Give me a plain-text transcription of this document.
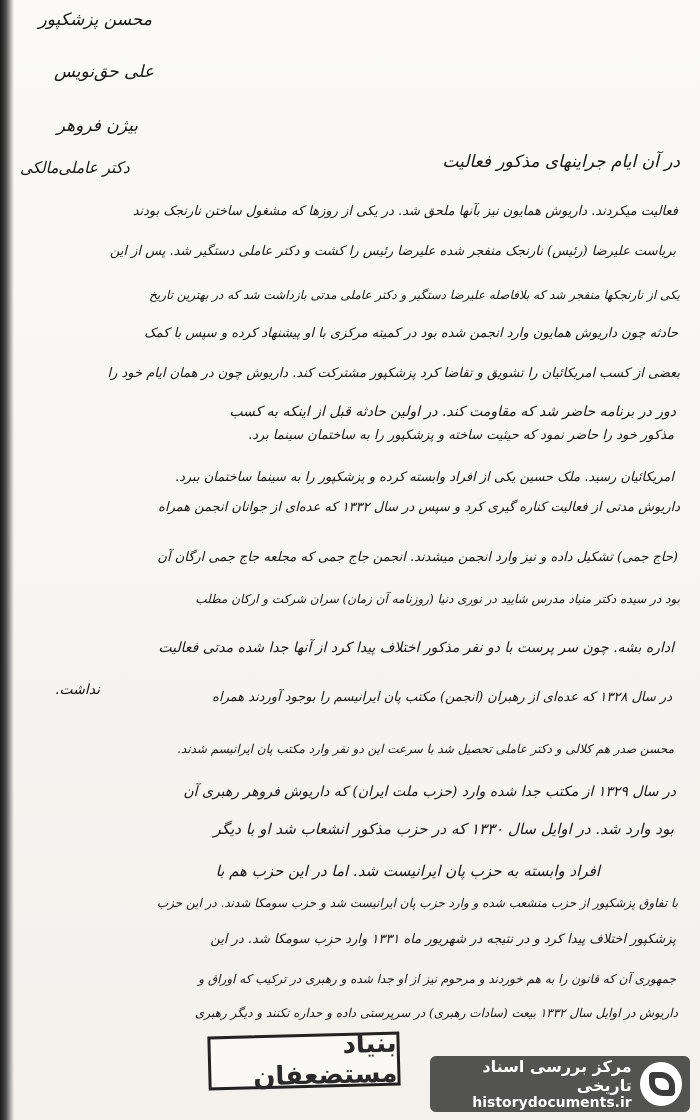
محسن پزشکپور
علی حق‌نویس
بیژن فروهر
دکتر عاملی‌مالکی	در آن ایام جراینهای مذکور فعالیت
فعالیت میکردند. داریوش همایون نیز بآنها ملحق شد. در یکی از روزها که مشغول ساختن نارنجک بودند
بریاست علیرضا (رئیس) نارنجک منفجر شده علیرضا رئیس را کشت و دکتر عاملی دستگیر شد. پس از این
یکی از نارنجکها منفجر شد که بلافاصله علیرضا دستگیر و دکتر عاملی مدتی بازداشت شد که در بهترین تاریخ
حادثه چون داریوش همایون وارد انجمن شده بود در کمیته مرکزی با او پیشنهاد کرده و سپس با کمک
بعضی از کسب امریکائیان را تشویق و تقاضا کرد پزشکپور مشترکت کند. داریوش چون در همان ایام خود را
دور در برنامه حاضر شد که مقاومت کند. در اولین حادثه قبل از اینکه به کسب
مذکور خود را حاضر نمود که حیثیت ساخته و پزشکپور را به ساختمان سینما برد.
امریکائیان رسید. ملک حسین یکی از افراد وابسته کرده و پزشکپور را به سینما ساختمان ببرد.
داریوش مدتی از فعالیت کناره گیری کرد و سپس در سال ۱۳۳۲ که عده‌ای از جوانان انجمن همراه
(حاج جمی) تشکیل داده و نیز وارد انجمن میشدند. انجمن جاج جمی که مجلعه جاج جمی ارگان آن
بود در سیده دکتر منیاد مدرس شایید در نوری دنیا (روزنامه آن زمان) سران شرکت و ارکان مطلب
اداره بشه. چون سر پرست با دو نفر مذکور اختلاف پیدا کرد از آنها جدا شده مدتی فعالیت
نداشت.	در سال ۱۳۲۸ که عده‌ای از رهبران (انجمن) مکتب پان ایرانیسم را بوجود آوردند همراه
محسن صدر هم کلالی و دکتر عاملی تحصیل شد با سرعت این دو نفر وارد مکتب پان ایرانیسم شدند.
در سال ۱۳۲۹ از مکتب جدا شده وارد (حزب ملت ایران) که داریوش فروهر رهبری آن
بود وارد شد. در اوایل سال ۱۳۳۰ که در حزب مذکور انشعاب شد او با دیگر
افراد وابسته به حزب پان ایرانیست شد. اما در این حزب هم با
با تفاوق پزشکپور از حزب منشعب شده و وارد حزب پان ایرانیست شد و حزب سومکا شدند. در این حزب
پزشکپور اختلاف پیدا کرد و در نتیجه در شهریور ماه ۱۳۳۱ وارد حزب سومکا شد. در این
جمهوری آن که قانون را به هم خوردند و مرحوم نیز از او جدا شده و رهبری در ترکیب که اوراق و
داریوش در اوایل سال ۱۳۳۲ بیعت (سادات رهبری) در سرپرستی داده و حداره نکنند و دیگر رهبری
بنیاد مستضعفان	مرکز بررسی اسناد تاریخی
historydocuments.ir
